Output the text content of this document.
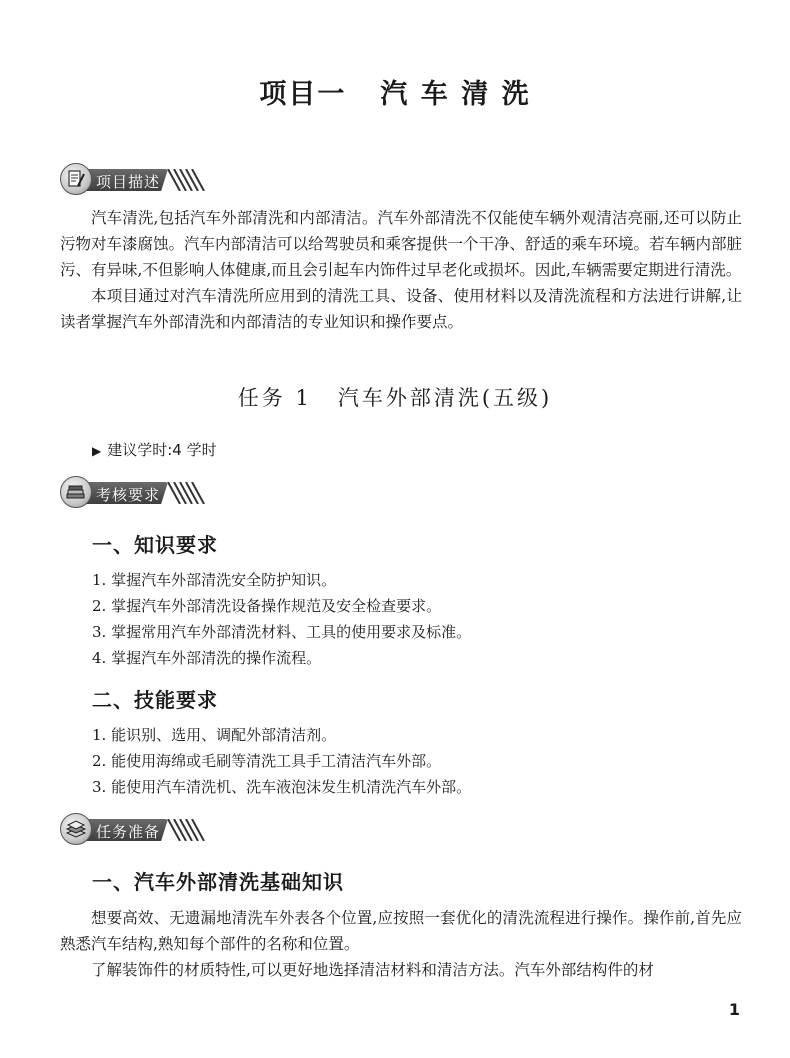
项目一 汽 车 清 洗
项目描述

汽车清洗,包括汽车外部清洗和内部清洁。汽车外部清洗不仅能使车辆外观清洁亮丽,还可以防止污物对车漆腐蚀。汽车内部清洁可以给驾驶员和乘客提供一个干净、舒适的乘车环境。若车辆内部脏污、有异味,不但影响人体健康,而且会引起车内饰件过早老化或损坏。因此,车辆需要定期进行清洗。

本项目通过对汽车清洗所应用到的清洗工具、设备、使用材料以及清洗流程和方法进行讲解,让读者掌握汽车外部清洗和内部清洁的专业知识和操作要点。

任务 1 汽车外部清洗(五级)
▶ 建议学时:4 学时
考核要求
一、知识要求
1. 掌握汽车外部清洗安全防护知识。
2. 掌握汽车外部清洗设备操作规范及安全检查要求。
3. 掌握常用汽车外部清洗材料、工具的使用要求及标准。
4. 掌握汽车外部清洗的操作流程。
二、技能要求
1. 能识别、选用、调配外部清洁剂。
2. 能使用海绵或毛刷等清洗工具手工清洁汽车外部。
3. 能使用汽车清洗机、洗车液泡沫发生机清洗汽车外部。
任务准备
一、汽车外部清洗基础知识

想要高效、无遗漏地清洗车外表各个位置,应按照一套优化的清洗流程进行操作。操作前,首先应熟悉汽车结构,熟知每个部件的名称和位置。

了解装饰件的材质特性,可以更好地选择清洁材料和清洁方法。汽车外部结构件的材

1
